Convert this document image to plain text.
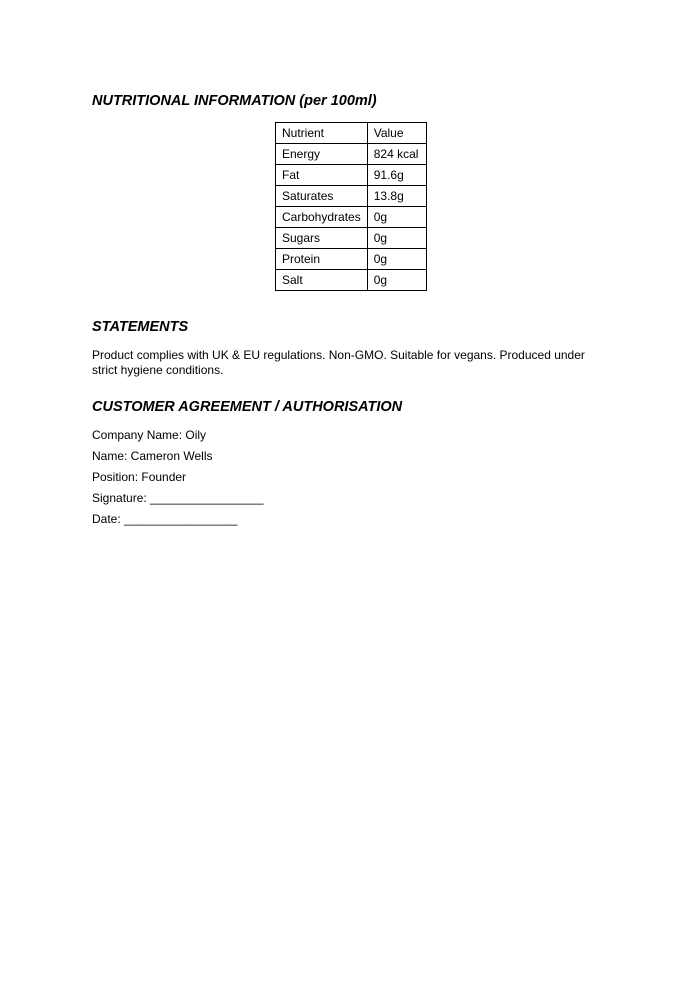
NUTRITIONAL INFORMATION (per 100ml)
Nutrient	Value
Energy	824 kcal
Fat	91.6g
Saturates	13.8g
Carbohydrates	0g
Sugars	0g
Protein	0g
Salt	0g
STATEMENTS

Product complies with UK & EU regulations. Non-GMO. Suitable for vegans. Produced under strict hygiene conditions.

CUSTOMER AGREEMENT / AUTHORISATION

Company Name: Oily

Name: Cameron Wells

Position: Founder

Signature: _________________

Date: _________________
